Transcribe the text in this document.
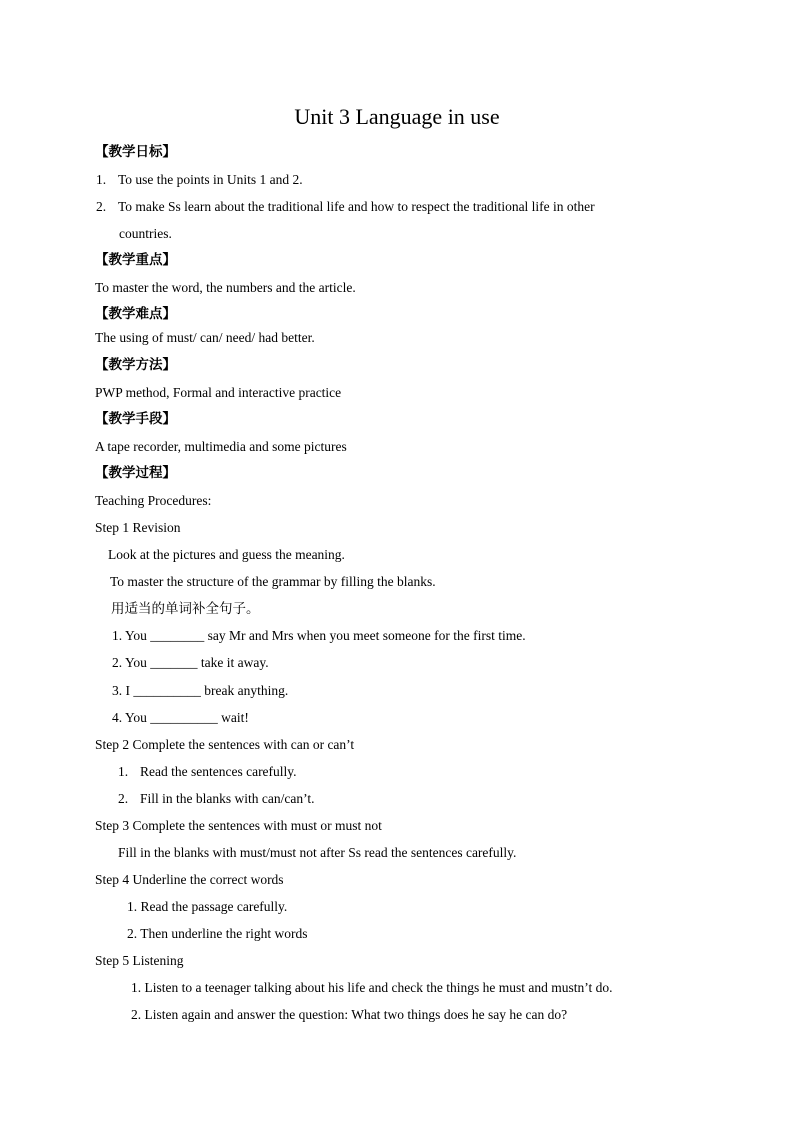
Unit 3 Language in use
【教学日标】
1. To use the points in Units 1 and 2.
2. To make Ss learn about the traditional life and how to respect the traditional life in other
countries.
【教学重点】
To master the word, the numbers and the article.
【教学难点】
The using of must/ can/ need/ had better.
【教学方法】
PWP method, Formal and interactive practice
【教学手段】
A tape recorder, multimedia and some pictures
【教学过程】
Teaching Procedures:
Step 1 Revision
Look at the pictures and guess the meaning.
To master the structure of the grammar by filling the blanks.
用适当的单词补全句子。
1. You ________ say Mr and Mrs when you meet someone for the first time.
2. You _______ take it away.
3. I __________ break anything.
4. You __________ wait!
Step 2 Complete the sentences with can or can’t
1. Read the sentences carefully.
2. Fill in the blanks with can/can’t.
Step 3 Complete the sentences with must or must not
Fill in the blanks with must/must not after Ss read the sentences carefully.
Step 4 Underline the correct words
1. Read the passage carefully.
2. Then underline the right words
Step 5 Listening
1. Listen to a teenager talking about his life and check the things he must and mustn’t do.
2. Listen again and answer the question: What two things does he say he can do?
